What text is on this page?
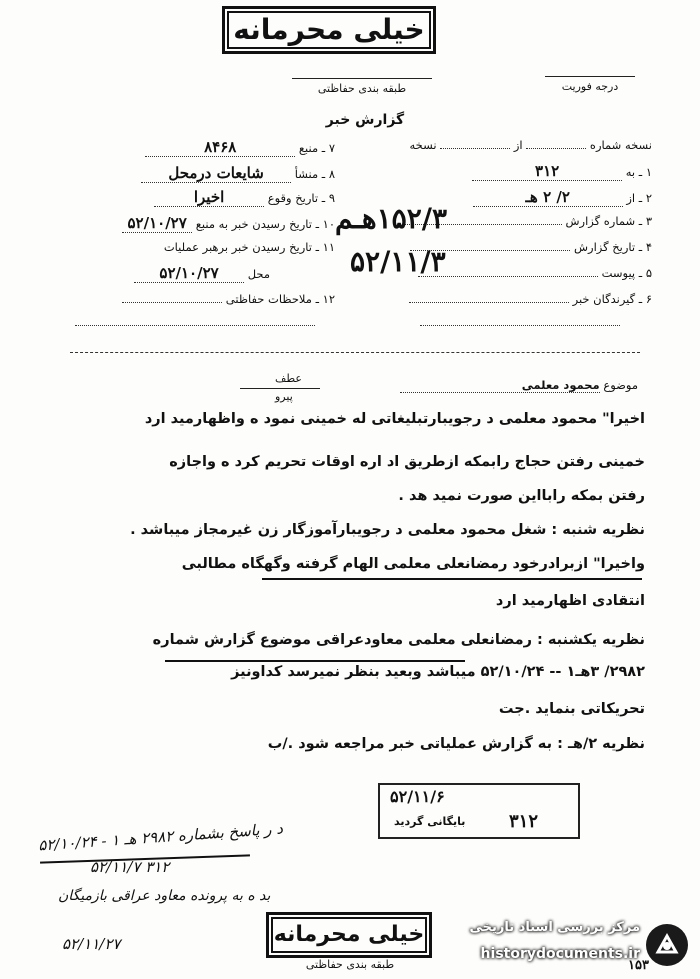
خیلی محرمانه
طبقه بندی حفاظتی	درجه فوریت
گزارش خبر
نسخه شماره  از  نسخه
۱ ـ به ۳۱۲
۲ ـ از ۲/ ۲ هـ
۳ ـ شماره گزارش
۴ ـ تاریخ گزارش
۵ ـ پیوست
۶ ـ گیرندگان خبر
۱۵۲/۳هـم
۵۲/۱۱/۳
۷ ـ منبع ۸۴۶۸
۸ ـ منشأ شایعات درمحل
۹ ـ تاریخ وقوع اخیرا
۱۰ ـ تاریخ رسیدن خبر به منبع ۵۲/۱۰/۲۷
۱۱ ـ تاریخ رسیدن خبر برهبر عملیات
محل ۵۲/۱۰/۲۷
۱۲ ـ ملاحظات حفاظتی
عطف
پیرو
موضوع محمود معلمی
اخیرا" محمود معلمی د رجویبارتبلیغاتی له خمینی نمود ه واظهارمید ارد
خمینی رفتن حجاج رابمکه ازطریق اد اره اوقات تحریم کرد ه واجازه
رفتن بمکه رابااین صورت نمید هد .
نظریه شنبه : شغل محمود معلمی د رجویبارآموزگار زن غیرمجاز میباشد .
واخیرا" ازبرادرخود رمضانعلی معلمی الهام گرفته وگهگاه مطالبی
انتقادی اظهارمید ارد
نظریه یکشنبه : رمضانعلی معلمی معاودعراقی موضوع گزارش شماره
۲۹۸۲/ ۳هـ۱ -- ۵۲/۱۰/۲۴ میباشد وبعید بنظر نمیرسد کداونیز
تحریکاتی بنماید .جت
نظریه ۲/هـ : به گزارش عملیاتی خبر مراجعه شود ./ب
۵۲/۱۱/۶
بایگانی گردید ۳۱۲
د ر پاسخ بشماره ۲۹۸۲ هـ ۱ - ۵۲/۱۰/۲۴
۳۱۲ ۵۲/۱۱/۷
بد ه به پرونده معاود عراقی بازمیگان
۵۲/۱۱/۲۷	خیلی محرمانه
طبقه بندی حفاظتی
مرکز بررسی اسناد تاریخی
historydocuments.ir
۱۵۳
